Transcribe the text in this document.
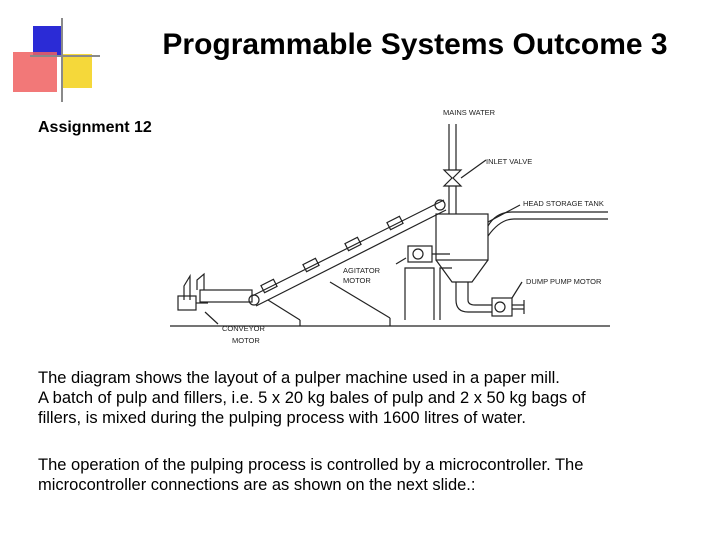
Programmable Systems Outcome 3
Assignment 12
MAINS WATER
INLET VALVE
HEAD STORAGE TANK
AGITATOR
MOTOR	DUMP PUMP MOTOR
CONVEYOR
MOTOR

The diagram shows the layout of a pulper machine used in a paper mill.

A batch of pulp and fillers, i.e. 5 x 20 kg bales of pulp and 2 x 50 kg bags of

fillers, is mixed during the pulping process with 1600 litres of water.

The operation of the pulping process is controlled by a microcontroller. The

microcontroller connections are as shown on the next slide.:
